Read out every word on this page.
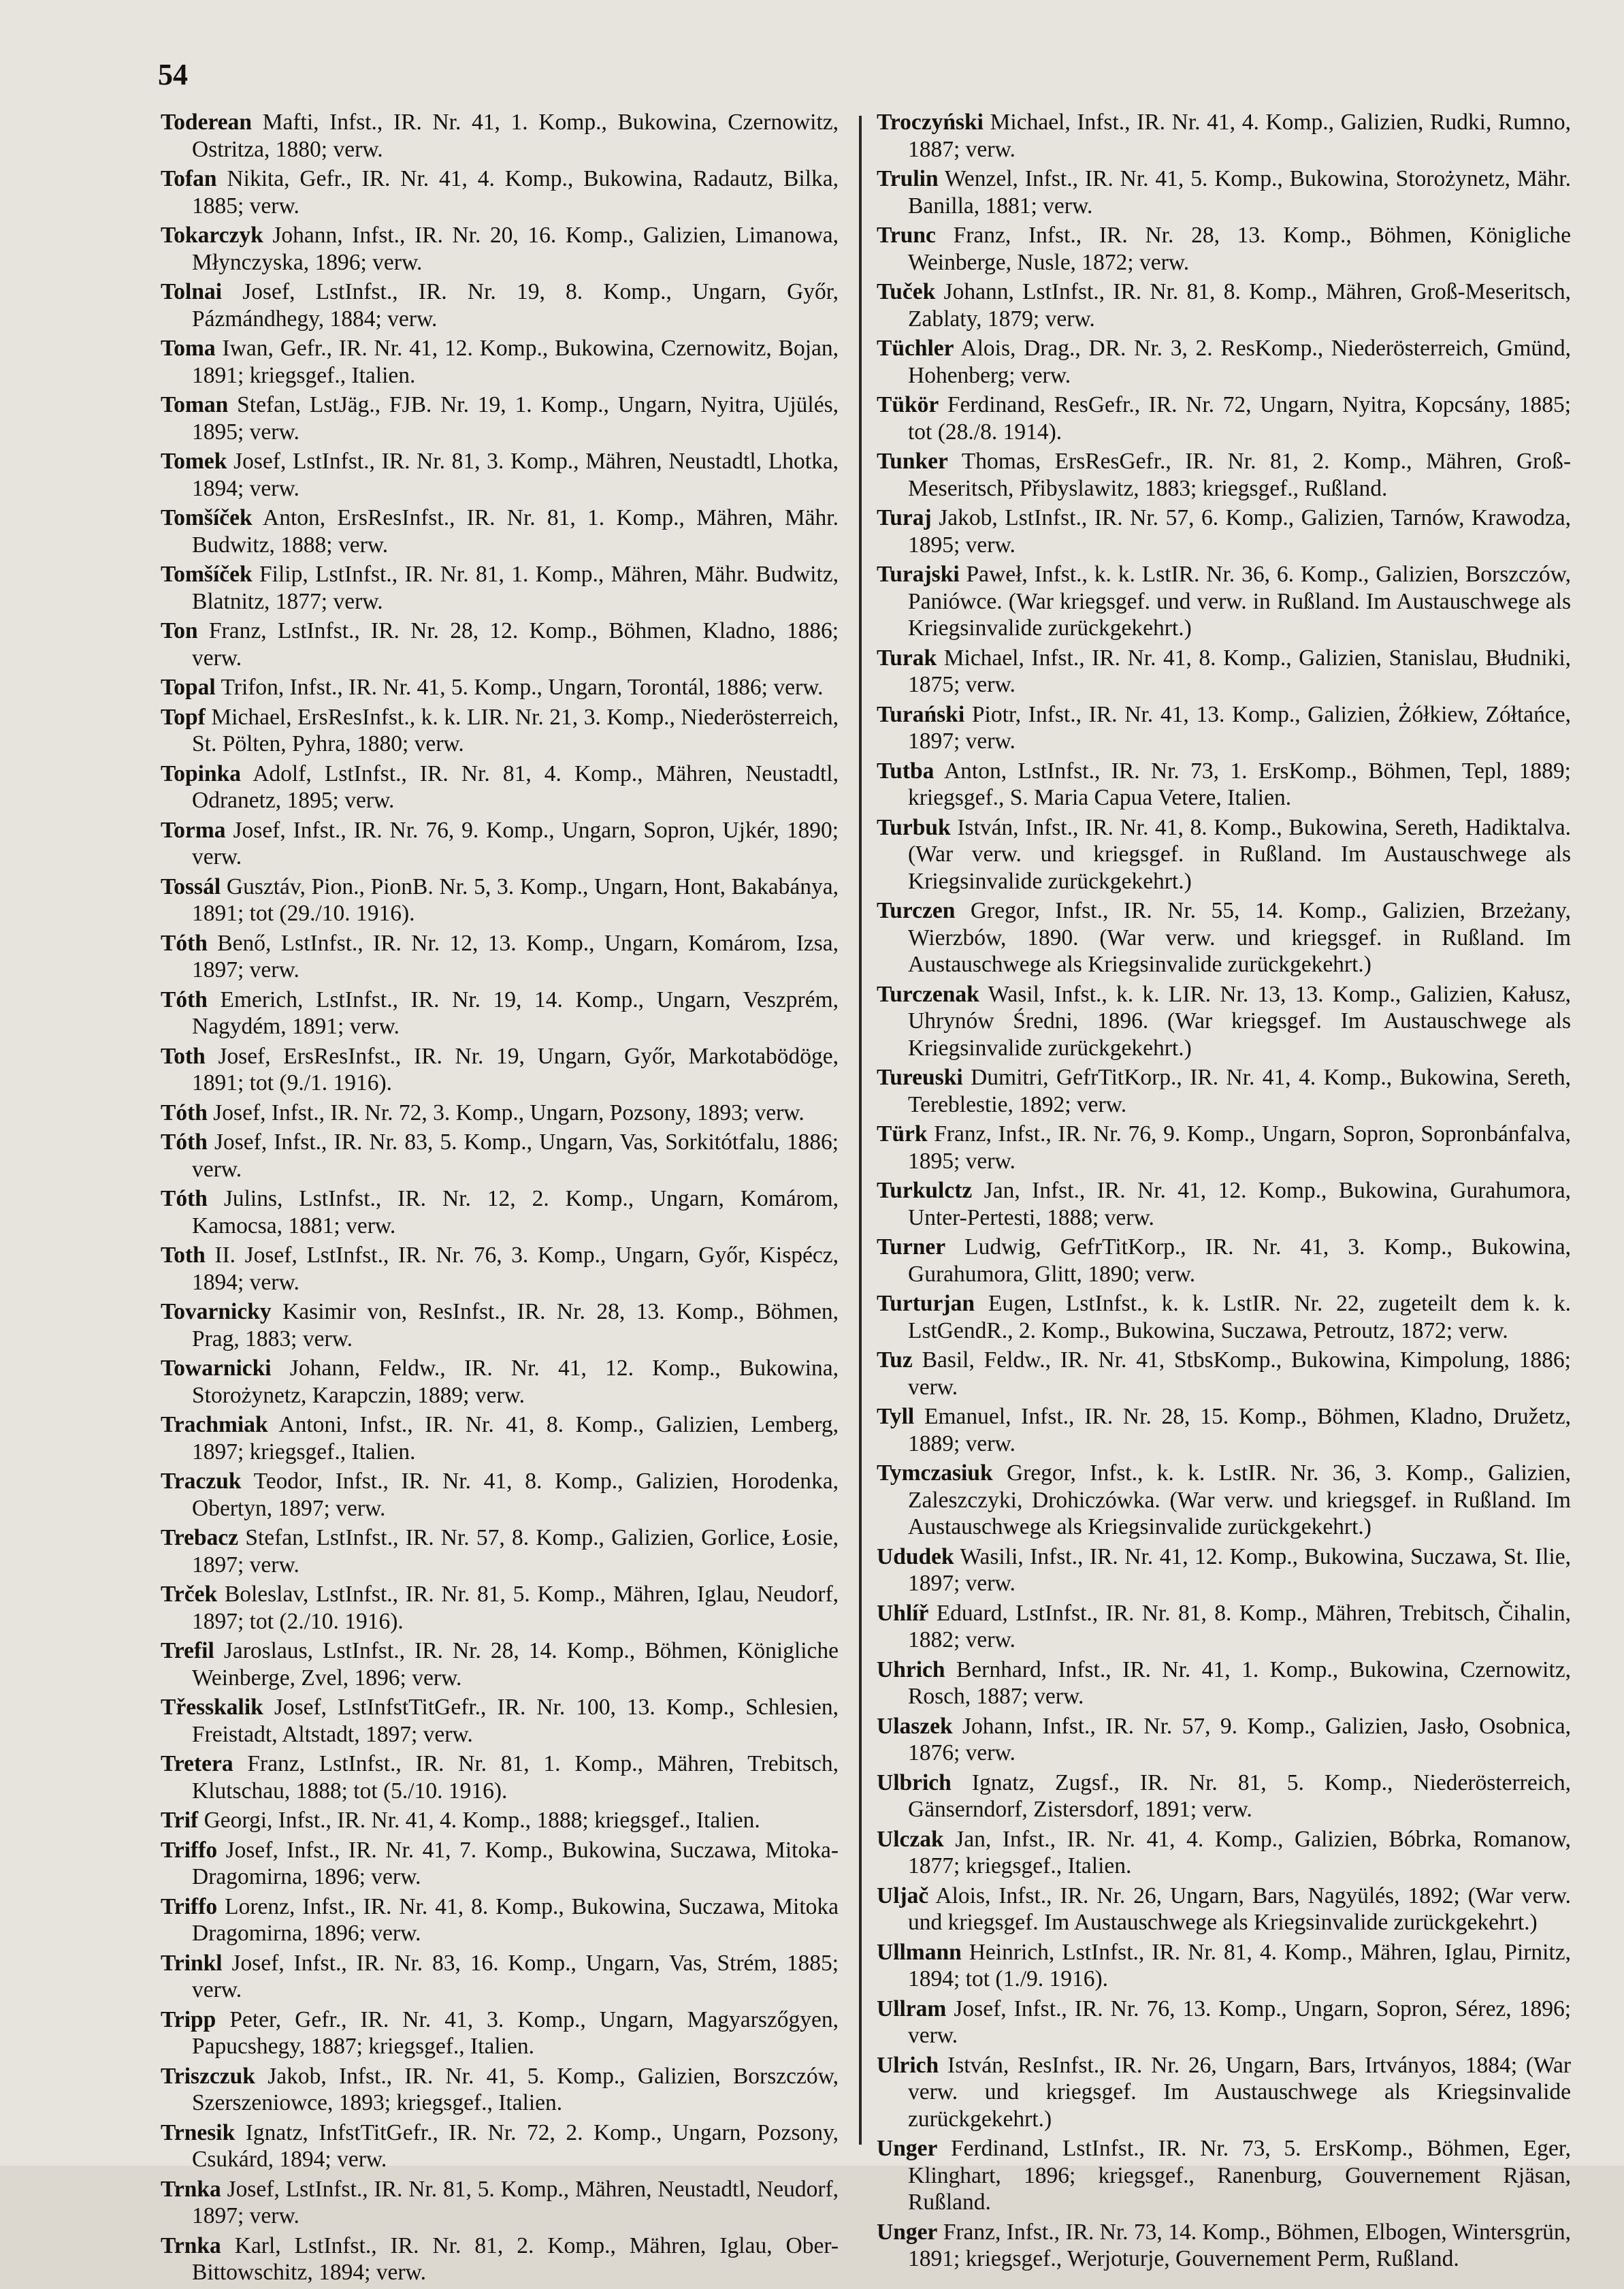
54

Toderean Mafti, Infst., IR. Nr. 41, 1. Komp., Bukowina, Czernowitz, Ostritza, 1880; verw.

Tofan Nikita, Gefr., IR. Nr. 41, 4. Komp., Bukowina, Radautz, Bilka, 1885; verw.

Tokarczyk Johann, Infst., IR. Nr. 20, 16. Komp., Galizien, Limanowa, Młynczyska, 1896; verw.

Tolnai Josef, LstInfst., IR. Nr. 19, 8. Komp., Ungarn, Győr, Pázmándhegy, 1884; verw.

Toma Iwan, Gefr., IR. Nr. 41, 12. Komp., Bukowina, Czernowitz, Bojan, 1891; kriegsgef., Italien.

Toman Stefan, LstJäg., FJB. Nr. 19, 1. Komp., Ungarn, Nyitra, Ujülés, 1895; verw.

Tomek Josef, LstInfst., IR. Nr. 81, 3. Komp., Mähren, Neustadtl, Lhotka, 1894; verw.

Tomšíček Anton, ErsResInfst., IR. Nr. 81, 1. Komp., Mähren, Mähr. Budwitz, 1888; verw.

Tomšíček Filip, LstInfst., IR. Nr. 81, 1. Komp., Mähren, Mähr. Budwitz, Blatnitz, 1877; verw.

Ton Franz, LstInfst., IR. Nr. 28, 12. Komp., Böhmen, Kladno, 1886; verw.

Topal Trifon, Infst., IR. Nr. 41, 5. Komp., Ungarn, Torontál, 1886; verw.

Topf Michael, ErsResInfst., k. k. LIR. Nr. 21, 3. Komp., Niederösterreich, St. Pölten, Pyhra, 1880; verw.

Topinka Adolf, LstInfst., IR. Nr. 81, 4. Komp., Mähren, Neustadtl, Odranetz, 1895; verw.

Torma Josef, Infst., IR. Nr. 76, 9. Komp., Ungarn, Sopron, Ujkér, 1890; verw.

Tossál Gusztáv, Pion., PionB. Nr. 5, 3. Komp., Ungarn, Hont, Bakabánya, 1891; tot (29./10. 1916).

Tóth Benő, LstInfst., IR. Nr. 12, 13. Komp., Ungarn, Komárom, Izsa, 1897; verw.

Tóth Emerich, LstInfst., IR. Nr. 19, 14. Komp., Ungarn, Veszprém, Nagydém, 1891; verw.

Toth Josef, ErsResInfst., IR. Nr. 19, Ungarn, Győr, Markotabödöge, 1891; tot (9./1. 1916).

Tóth Josef, Infst., IR. Nr. 72, 3. Komp., Ungarn, Pozsony, 1893; verw.

Tóth Josef, Infst., IR. Nr. 83, 5. Komp., Ungarn, Vas, Sorkitótfalu, 1886; verw.

Tóth Julins, LstInfst., IR. Nr. 12, 2. Komp., Ungarn, Komárom, Kamocsa, 1881; verw.

Toth II. Josef, LstInfst., IR. Nr. 76, 3. Komp., Ungarn, Győr, Kispécz, 1894; verw.

Tovarnicky Kasimir von, ResInfst., IR. Nr. 28, 13. Komp., Böhmen, Prag, 1883; verw.

Towarnicki Johann, Feldw., IR. Nr. 41, 12. Komp., Bukowina, Storożynetz, Karapczin, 1889; verw.

Trachmiak Antoni, Infst., IR. Nr. 41, 8. Komp., Galizien, Lemberg, 1897; kriegsgef., Italien.

Traczuk Teodor, Infst., IR. Nr. 41, 8. Komp., Galizien, Horodenka, Obertyn, 1897; verw.

Trebacz Stefan, LstInfst., IR. Nr. 57, 8. Komp., Galizien, Gorlice, Łosie, 1897; verw.

Trček Boleslav, LstInfst., IR. Nr. 81, 5. Komp., Mähren, Iglau, Neudorf, 1897; tot (2./10. 1916).

Trefil Jaroslaus, LstInfst., IR. Nr. 28, 14. Komp., Böhmen, Königliche Weinberge, Zvel, 1896; verw.

Třesskalik Josef, LstInfstTitGefr., IR. Nr. 100, 13. Komp., Schlesien, Freistadt, Altstadt, 1897; verw.

Tretera Franz, LstInfst., IR. Nr. 81, 1. Komp., Mähren, Trebitsch, Klutschau, 1888; tot (5./10. 1916).

Trif Georgi, Infst., IR. Nr. 41, 4. Komp., 1888; kriegsgef., Italien.

Triffo Josef, Infst., IR. Nr. 41, 7. Komp., Bukowina, Suczawa, Mitoka-Dragomirna, 1896; verw.

Triffo Lorenz, Infst., IR. Nr. 41, 8. Komp., Bukowina, Suczawa, Mitoka Dragomirna, 1896; verw.

Trinkl Josef, Infst., IR. Nr. 83, 16. Komp., Ungarn, Vas, Strém, 1885; verw.

Tripp Peter, Gefr., IR. Nr. 41, 3. Komp., Ungarn, Magyarszőgyen, Papucshegy, 1887; kriegsgef., Italien.

Triszczuk Jakob, Infst., IR. Nr. 41, 5. Komp., Galizien, Borszczów, Szerszeniowce, 1893; kriegsgef., Italien.

Trnesik Ignatz, InfstTitGefr., IR. Nr. 72, 2. Komp., Ungarn, Pozsony, Csukárd, 1894; verw.

Trnka Josef, LstInfst., IR. Nr. 81, 5. Komp., Mähren, Neustadtl, Neudorf, 1897; verw.

Trnka Karl, LstInfst., IR. Nr. 81, 2. Komp., Mähren, Iglau, Ober-Bittowschitz, 1894; verw.

Troczyński Michael, Infst., IR. Nr. 41, 4. Komp., Galizien, Rudki, Rumno, 1887; verw.

Trulin Wenzel, Infst., IR. Nr. 41, 5. Komp., Bukowina, Storożynetz, Mähr. Banilla, 1881; verw.

Trunc Franz, Infst., IR. Nr. 28, 13. Komp., Böhmen, Königliche Weinberge, Nusle, 1872; verw.

Tuček Johann, LstInfst., IR. Nr. 81, 8. Komp., Mähren, Groß-Meseritsch, Zablaty, 1879; verw.

Tüchler Alois, Drag., DR. Nr. 3, 2. ResKomp., Niederösterreich, Gmünd, Hohenberg; verw.

Tükör Ferdinand, ResGefr., IR. Nr. 72, Ungarn, Nyitra, Kopcsány, 1885; tot (28./8. 1914).

Tunker Thomas, ErsResGefr., IR. Nr. 81, 2. Komp., Mähren, Groß-Meseritsch, Přibyslawitz, 1883; kriegsgef., Rußland.

Turaj Jakob, LstInfst., IR. Nr. 57, 6. Komp., Galizien, Tarnów, Krawodza, 1895; verw.

Turajski Paweł, Infst., k. k. LstIR. Nr. 36, 6. Komp., Galizien, Borszczów, Paniówce. (War kriegsgef. und verw. in Rußland. Im Austauschwege als Kriegsinvalide zurückgekehrt.)

Turak Michael, Infst., IR. Nr. 41, 8. Komp., Galizien, Stanislau, Błudniki, 1875; verw.

Turański Piotr, Infst., IR. Nr. 41, 13. Komp., Galizien, Żółkiew, Zółtańce, 1897; verw.

Tutba Anton, LstInfst., IR. Nr. 73, 1. ErsKomp., Böhmen, Tepl, 1889; kriegsgef., S. Maria Capua Vetere, Italien.

Turbuk István, Infst., IR. Nr. 41, 8. Komp., Bukowina, Sereth, Hadiktalva. (War verw. und kriegsgef. in Rußland. Im Austauschwege als Kriegsinvalide zurückgekehrt.)

Turczen Gregor, Infst., IR. Nr. 55, 14. Komp., Galizien, Brzeżany, Wierzbów, 1890. (War verw. und kriegsgef. in Rußland. Im Austauschwege als Kriegsinvalide zurückgekehrt.)

Turczenak Wasil, Infst., k. k. LIR. Nr. 13, 13. Komp., Galizien, Kałusz, Uhrynów Średni, 1896. (War kriegsgef. Im Austauschwege als Kriegsinvalide zurückgekehrt.)

Tureuski Dumitri, GefrTitKorp., IR. Nr. 41, 4. Komp., Bukowina, Sereth, Tereblestie, 1892; verw.

Türk Franz, Infst., IR. Nr. 76, 9. Komp., Ungarn, Sopron, Sopronbánfalva, 1895; verw.

Turkulctz Jan, Infst., IR. Nr. 41, 12. Komp., Bukowina, Gurahumora, Unter-Pertesti, 1888; verw.

Turner Ludwig, GefrTitKorp., IR. Nr. 41, 3. Komp., Bukowina, Gurahumora, Glitt, 1890; verw.

Turturjan Eugen, LstInfst., k. k. LstIR. Nr. 22, zugeteilt dem k. k. LstGendR., 2. Komp., Bukowina, Suczawa, Petroutz, 1872; verw.

Tuz Basil, Feldw., IR. Nr. 41, StbsKomp., Bukowina, Kimpolung, 1886; verw.

Tyll Emanuel, Infst., IR. Nr. 28, 15. Komp., Böhmen, Kladno, Družetz, 1889; verw.

Tymczasiuk Gregor, Infst., k. k. LstIR. Nr. 36, 3. Komp., Galizien, Zaleszczyki, Drohiczówka. (War verw. und kriegsgef. in Rußland. Im Austauschwege als Kriegsinvalide zurückgekehrt.)

Ududek Wasili, Infst., IR. Nr. 41, 12. Komp., Bukowina, Suczawa, St. Ilie, 1897; verw.

Uhlíř Eduard, LstInfst., IR. Nr. 81, 8. Komp., Mähren, Trebitsch, Čihalin, 1882; verw.

Uhrich Bernhard, Infst., IR. Nr. 41, 1. Komp., Bukowina, Czernowitz, Rosch, 1887; verw.

Ulaszek Johann, Infst., IR. Nr. 57, 9. Komp., Galizien, Jasło, Osobnica, 1876; verw.

Ulbrich Ignatz, Zugsf., IR. Nr. 81, 5. Komp., Niederösterreich, Gänserndorf, Zistersdorf, 1891; verw.

Ulczak Jan, Infst., IR. Nr. 41, 4. Komp., Galizien, Bóbrka, Romanow, 1877; kriegsgef., Italien.

Uljač Alois, Infst., IR. Nr. 26, Ungarn, Bars, Nagyülés, 1892; (War verw. und kriegsgef. Im Austauschwege als Kriegsinvalide zurückgekehrt.)

Ullmann Heinrich, LstInfst., IR. Nr. 81, 4. Komp., Mähren, Iglau, Pirnitz, 1894; tot (1./9. 1916).

Ullram Josef, Infst., IR. Nr. 76, 13. Komp., Ungarn, Sopron, Sérez, 1896; verw.

Ulrich István, ResInfst., IR. Nr. 26, Ungarn, Bars, Irtványos, 1884; (War verw. und kriegsgef. Im Austauschwege als Kriegsinvalide zurückgekehrt.)

Unger Ferdinand, LstInfst., IR. Nr. 73, 5. ErsKomp., Böhmen, Eger, Klinghart, 1896; kriegsgef., Ranenburg, Gouvernement Rjäsan, Rußland.

Unger Franz, Infst., IR. Nr. 73, 14. Komp., Böhmen, Elbogen, Wintersgrün, 1891; kriegsgef., Werjoturje, Gouvernement Perm, Rußland.
